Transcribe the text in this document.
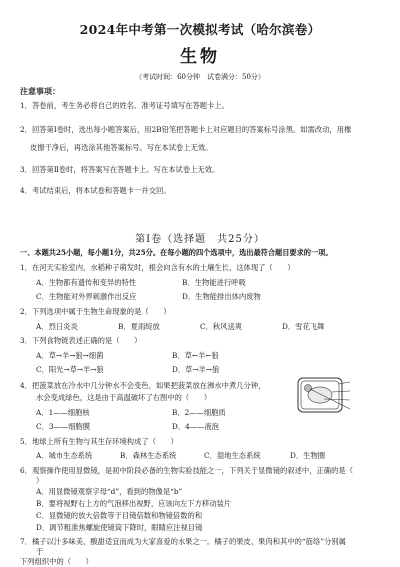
2024年中考第一次模拟考试（哈尔滨卷）
生物
（考试时间：60分钟　试卷满分：50分）
注意事项：
1．答卷前，考生务必将自己的姓名、准考证号填写在答题卡上。
2．回答第Ⅰ卷时，选出每小题答案后，用2B铅笔把答题卡上对应题目的答案标号涂黑。如需改动，用橡
皮擦干净后，再选涂其他答案标号。写在本试卷上无效。
3．回答第Ⅱ卷时，将答案写在答题卡上。写在本试卷上无效。
4．考试结束后，将本试卷和答题卡一并交回。
第Ⅰ卷（选择题　共25分）
一、本题共25小题，每小题1分，共25分。在每小题的四个选项中，选出最符合题目要求的一项。
1．在河天实验室内，水稻种子萌发时，根会向含有水的土壤生长，这体现了（　　）
A．生物都有遗传和变异的特性	B．生物能进行呼吸
C．生物能对外界刺激作出反应	D．生物能排出体内废物
2．下列选项中属于生物生命现象的是（　　）
A．烈日炎炎	B．夏雨绽放	C．秋风送爽	D．雪花飞舞
3．下列食物链表述正确的是（　　）
A．草→羊→狼→细菌	B．草←羊←狼
C．阳光→草→羊→狼	D．草→羊→狼
4．把菠菜放在冷水中几分钟水不会变色，如果把菠菜放在沸水中煮几分钟，
水会变成绿色，这是由于高温破坏了右图中的（　　）
A．1——细胞核	B．2——细胞质
C．3——细胞膜	D．4——液泡
5．地球上所有生物与其生存环境构成了（　　）
A．城市生态系统	B．森林生态系统	C．湿地生态系统	D．生物圈
6．观察操作使用显微镜，是初中阶段必备的生物实验技能之一，下列关于显微镜的叙述中，正确的是（
）
A．用显微镜观察字母“d”，看到的物像是“b”
B．要将视野右上方的气泡移出视野，应该向左下方移动装片
C．显微镜的放大倍数等于目镜倍数和物镜倍数的和
D．调节粗准焦螺旋使镜筒下降时，眼睛应注视目镜
7．橘子以汁多味美、酸甜适宜而成为大家喜爱的水果之一。橘子的果皮、果肉和其中的“筋络”分别属
于
下列组织中的（　　）
